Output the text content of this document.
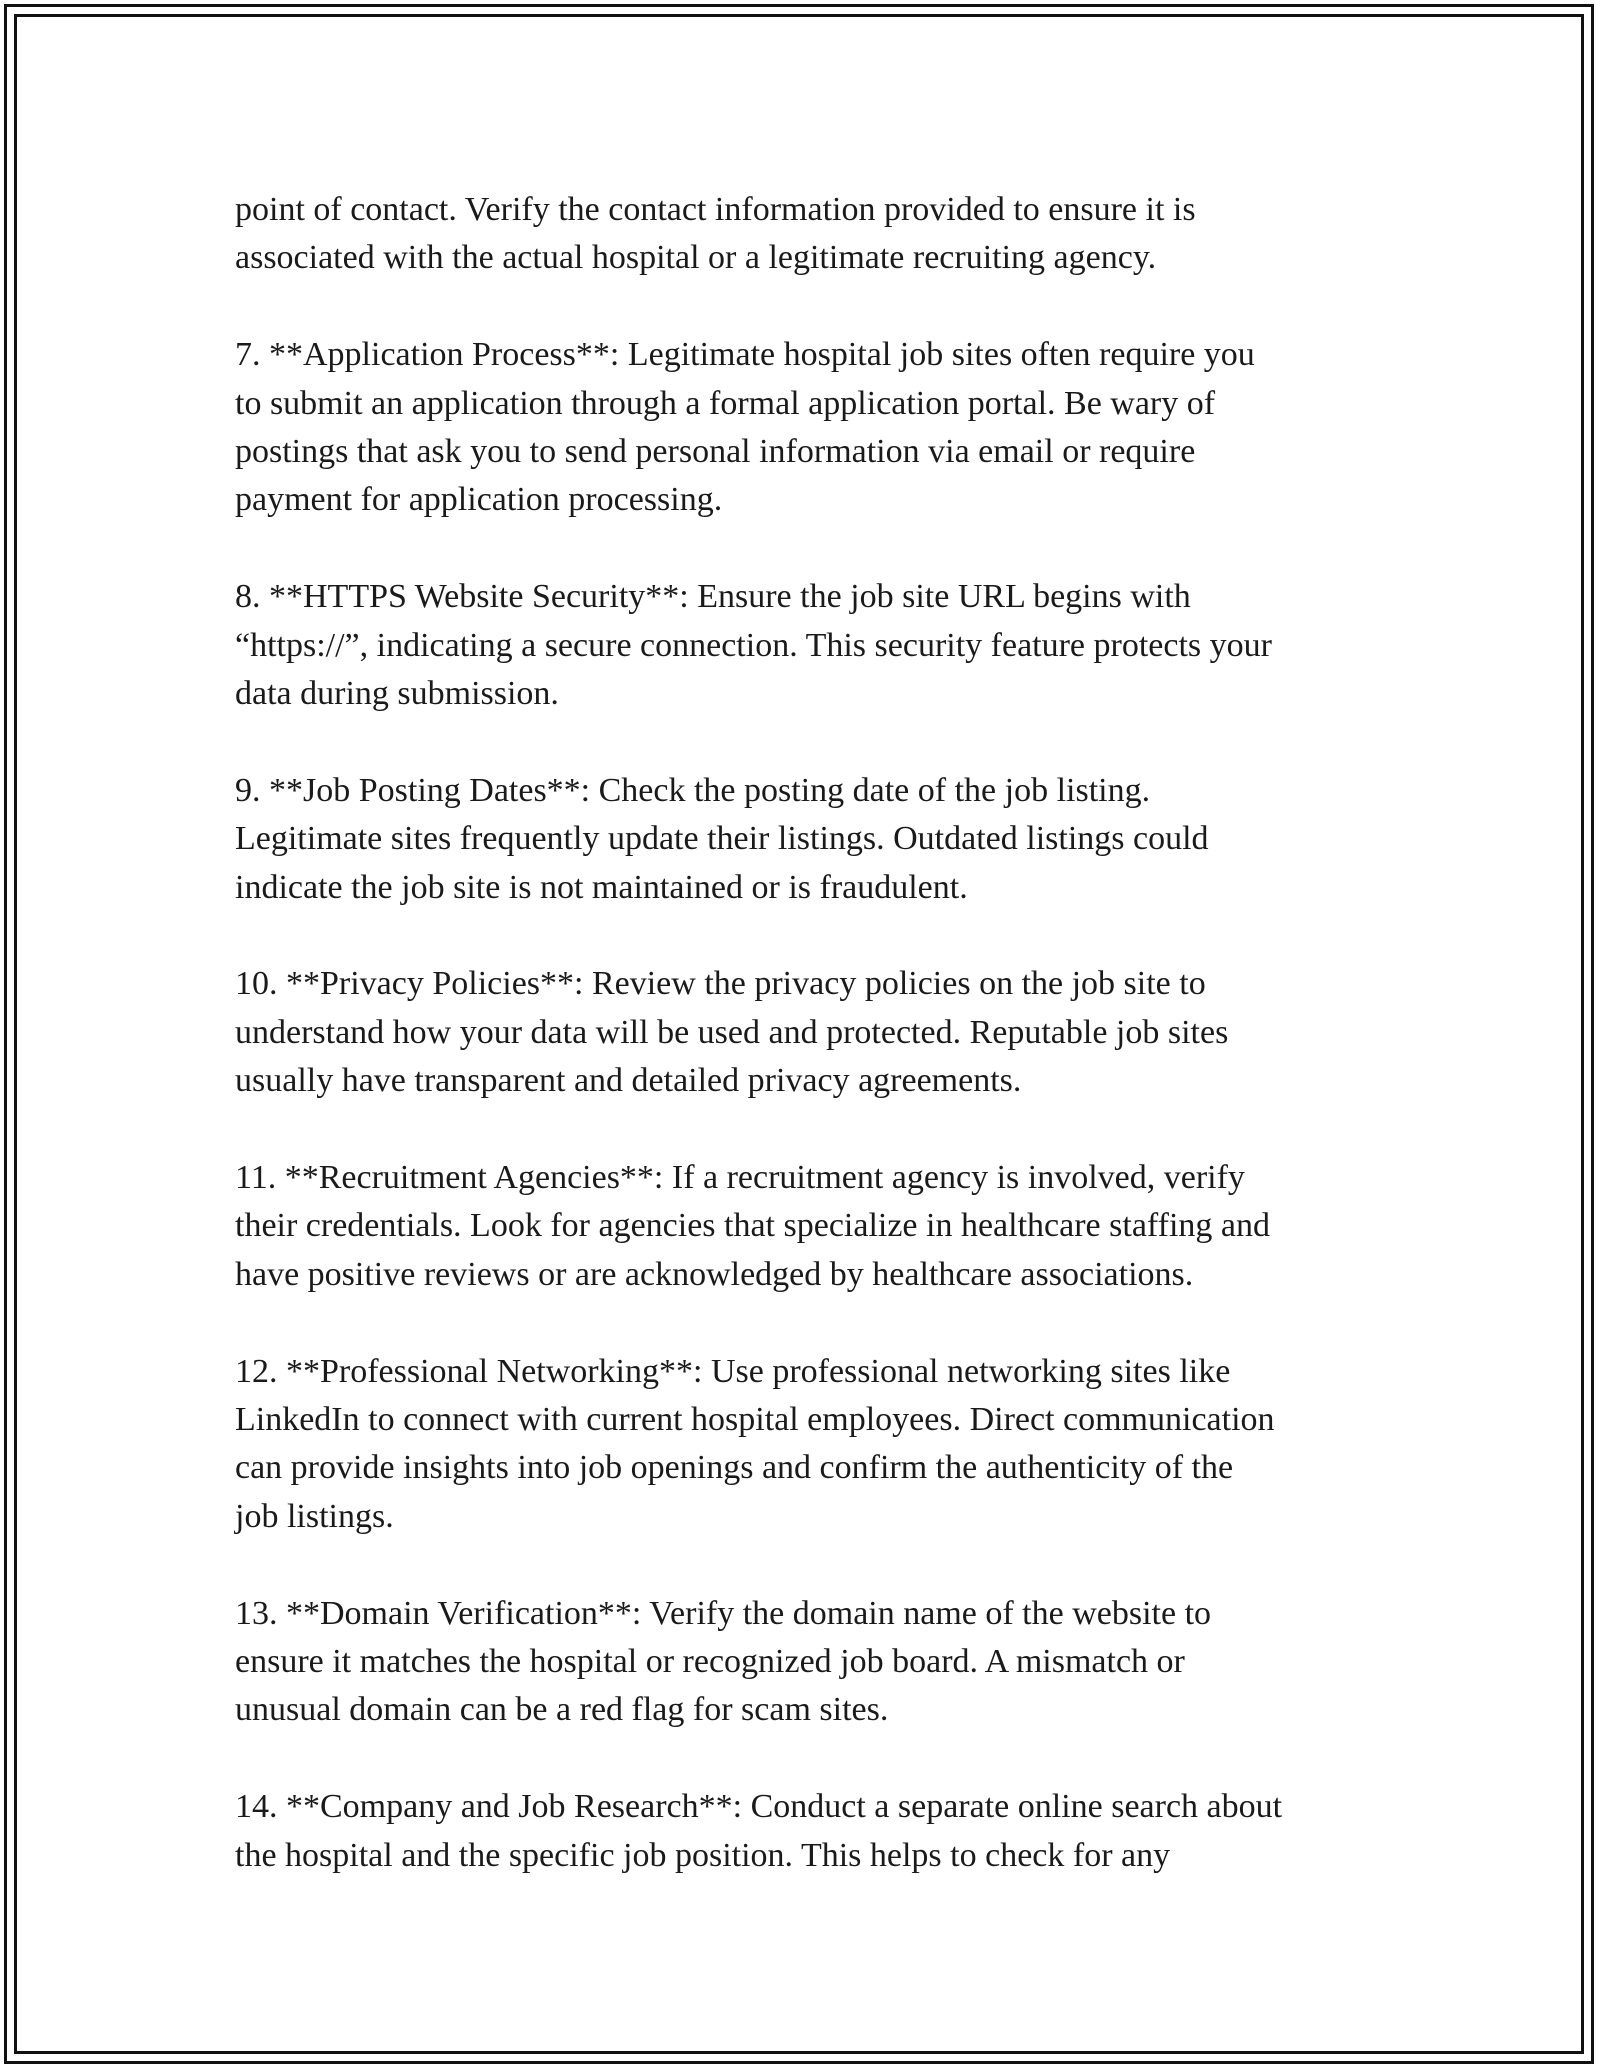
point of contact. Verify the contact information provided to ensure it is
associated with the actual hospital or a legitimate recruiting agency.

7. **Application Process**: Legitimate hospital job sites often require you
to submit an application through a formal application portal. Be wary of
postings that ask you to send personal information via email or require
payment for application processing.

8. **HTTPS Website Security**: Ensure the job site URL begins with
“https://”, indicating a secure connection. This security feature protects your
data during submission.

9. **Job Posting Dates**: Check the posting date of the job listing.
Legitimate sites frequently update their listings. Outdated listings could
indicate the job site is not maintained or is fraudulent.

10. **Privacy Policies**: Review the privacy policies on the job site to
understand how your data will be used and protected. Reputable job sites
usually have transparent and detailed privacy agreements.

11. **Recruitment Agencies**: If a recruitment agency is involved, verify
their credentials. Look for agencies that specialize in healthcare staffing and
have positive reviews or are acknowledged by healthcare associations.

12. **Professional Networking**: Use professional networking sites like
LinkedIn to connect with current hospital employees. Direct communication
can provide insights into job openings and confirm the authenticity of the
job listings.

13. **Domain Verification**: Verify the domain name of the website to
ensure it matches the hospital or recognized job board. A mismatch or
unusual domain can be a red flag for scam sites.

14. **Company and Job Research**: Conduct a separate online search about
the hospital and the specific job position. This helps to check for any
